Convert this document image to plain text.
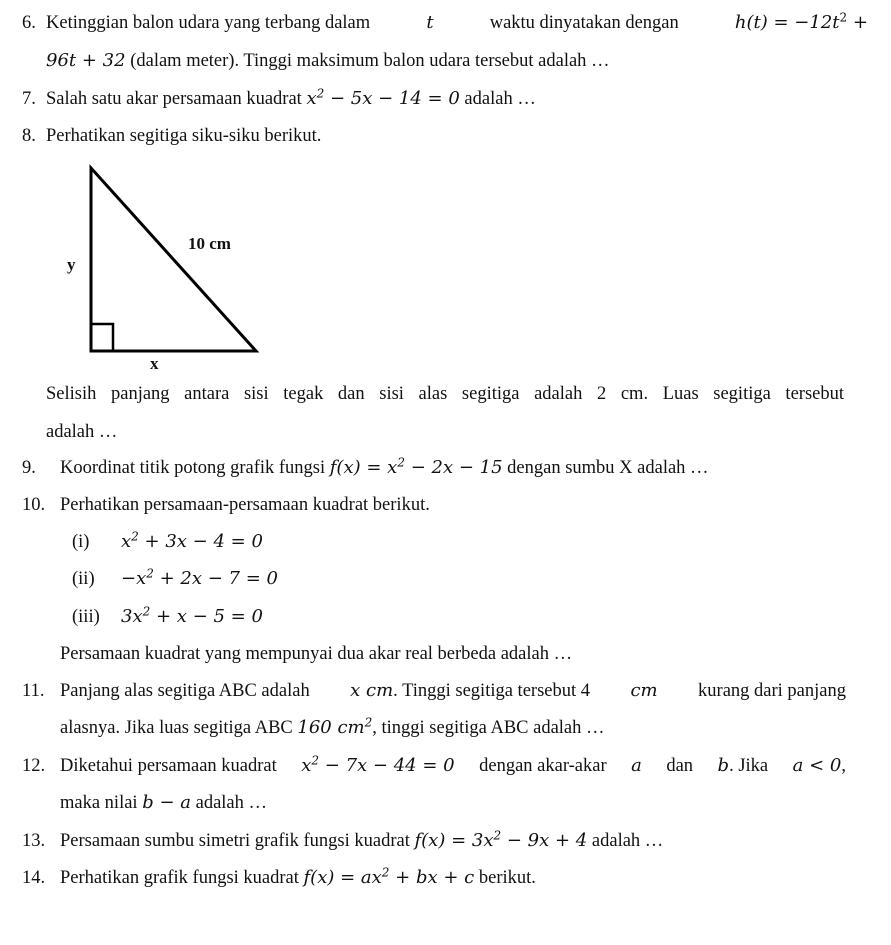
6. Ketinggian balon udara yang terbang dalam	t	waktu dinyatakan dengan	$h(t) = -12t^2$ +
96t + 32 (dalam meter). Tinggi maksimum balon udara tersebut adalah …
7. Salah satu akar persamaan kuadrat $x^2 - 5x - 14 = 0$ adalah …
8. Perhatikan segitiga siku-siku berikut.
10 cm
y
x
Selisih panjang antara sisi tegak dan sisi alas segitiga adalah 2 cm. Luas segitiga tersebut
adalah …
9. Koordinat titik potong grafik fungsi $f(x) = x^2 - 2x - 15$ dengan sumbu X adalah …
10. Perhatikan persamaan-persamaan kuadrat berikut.
(i) $x^2 + 3x - 4 = 0$
$(ii) -x^2 + 2x - 7 = 0$
(iii) $3x^2 + x - 5 = 0$
Persamaan kuadrat yang mempunyai dua akar real berbeda adalah …
11. Panjang alas segitiga ABC adalah x cm. Tinggi segitiga tersebut 4 cm kurang dari panjang
alasnya. Jika luas segitiga ABC 160 $cm^2$, tinggi segitiga ABC adalah …
12. Diketahui persamaan kuadrat $x^2 - 7x - 44 = 0$ dengan akar-akar a dan b. Jika a < 0,
maka nilai b − a adalah …
13. Persamaan sumbu simetri grafik fungsi kuadrat $f(x) = 3x^2 - 9x + 4$ adalah …
14. Perhatikan grafik fungsi kuadrat $f(x) = ax^2$ + bx + c berikut.
